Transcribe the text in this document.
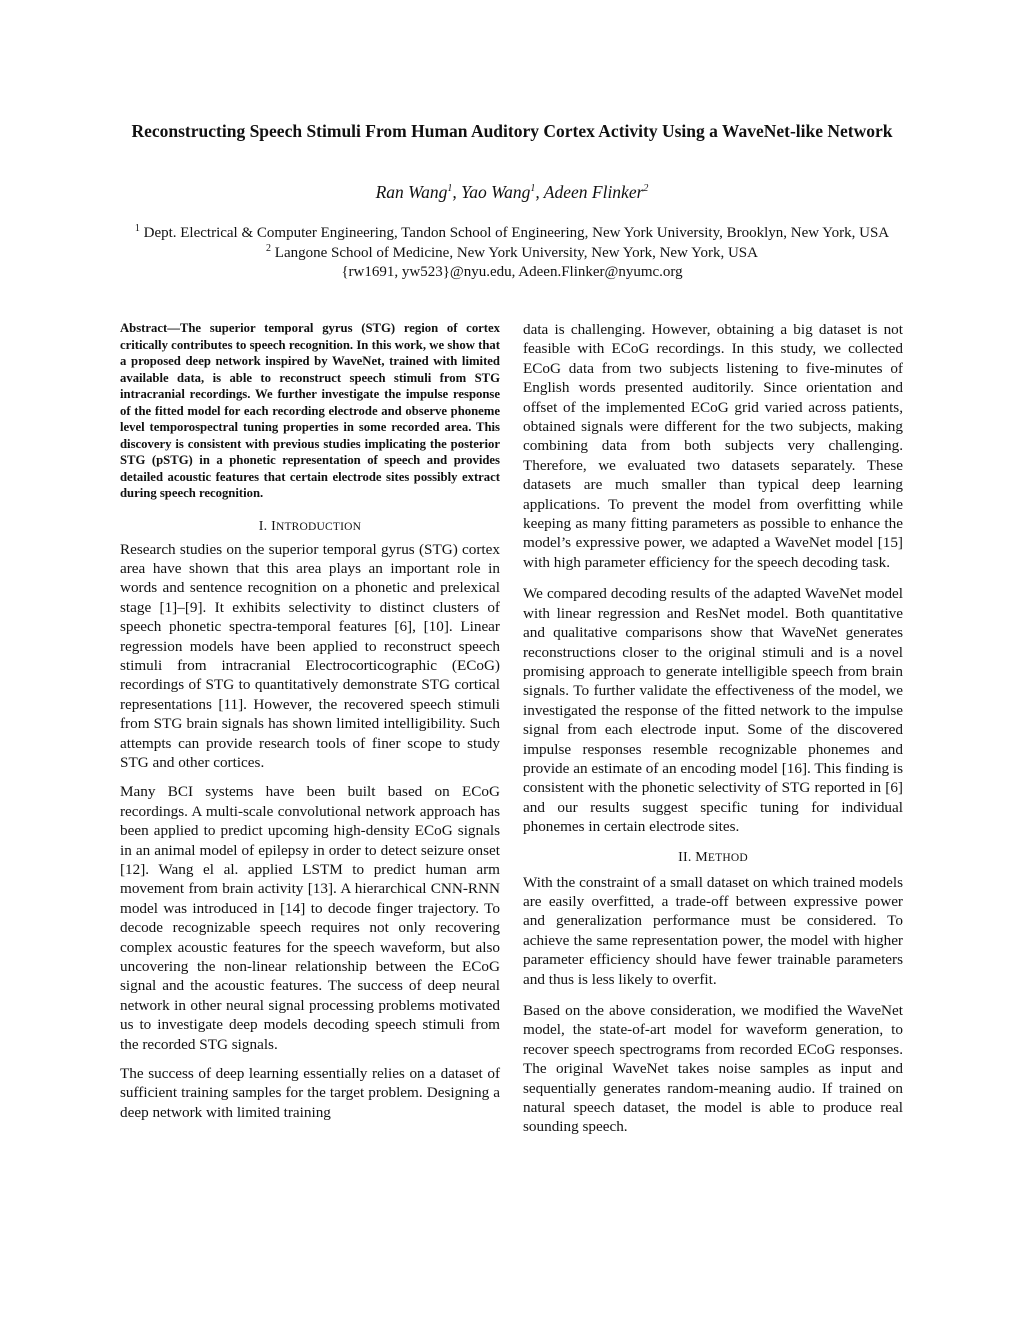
Reconstructing Speech Stimuli From Human Auditory Cortex Activity Using a WaveNet-like Network

Ran Wang$^1$, Yao Wang$^1$, Adeen Flinker$^2$

$^1$ Dept. Electrical & Computer Engineering, Tandon School of Engineering, New York University, Brooklyn, New York, USA

$^2$ Langone School of Medicine, New York University, New York, New York, USA

{rw1691, yw523}@nyu.edu, Adeen.Flinker@nyumc.org

Abstract—The superior temporal gyrus (STG) region of cortex critically contributes to speech recognition. In this work, we show that a proposed deep network inspired by WaveNet, trained with limited available data, is able to reconstruct speech stimuli from STG intracranial recordings. We further investigate the impulse response of the fitted model for each recording electrode and observe phoneme level temporospectral tuning properties in some recorded area. This discovery is consistent with previous studies implicating the posterior STG (pSTG) in a phonetic representation of speech and provides detailed acoustic features that certain electrode sites possibly extract during speech recognition.

I. INTRODUCTION

Research studies on the superior temporal gyrus (STG) cortex area have shown that this area plays an important role in words and sentence recognition on a phonetic and prelexical stage [1]–[9]. It exhibits selectivity to distinct clusters of speech phonetic spectra-temporal features [6], [10]. Linear regression models have been applied to reconstruct speech stimuli from intracranial Electrocorticographic (ECoG) recordings of STG to quantitatively demonstrate STG cortical representations [11]. However, the recovered speech stimuli from STG brain signals has shown limited intelligibility. Such attempts can provide research tools of finer scope to study STG and other cortices.

Many BCI systems have been built based on ECoG recordings. A multi-scale convolutional network approach has been applied to predict upcoming high-density ECoG signals in an animal model of epilepsy in order to detect seizure onset [12]. Wang el al. applied LSTM to predict human arm movement from brain activity [13]. A hierarchical CNN-RNN model was introduced in [14] to decode finger trajectory. To decode recognizable speech requires not only recovering complex acoustic features for the speech waveform, but also uncovering the non-linear relationship between the ECoG signal and the acoustic features. The success of deep neural network in other neural signal processing problems motivated us to investigate deep models decoding speech stimuli from the recorded STG signals.

The success of deep learning essentially relies on a dataset of sufficient training samples for the target problem. Designing a deep network with limited training

data is challenging. However, obtaining a big dataset is not feasible with ECoG recordings. In this study, we collected ECoG data from two subjects listening to five-minutes of English words presented auditorily. Since orientation and offset of the implemented ECoG grid varied across patients, obtained signals were different for the two subjects, making combining data from both subjects very challenging. Therefore, we evaluated two datasets separately. These datasets are much smaller than typical deep learning applications. To prevent the model from overfitting while keeping as many fitting parameters as possible to enhance the model’s expressive power, we adapted a WaveNet model [15] with high parameter efficiency for the speech decoding task.

We compared decoding results of the adapted WaveNet model with linear regression and ResNet model. Both quantitative and qualitative comparisons show that WaveNet generates reconstructions closer to the original stimuli and is a novel promising approach to generate intelligible speech from brain signals. To further validate the effectiveness of the model, we investigated the response of the fitted network to the impulse signal from each electrode input. Some of the discovered impulse responses resemble recognizable phonemes and provide an estimate of an encoding model [16]. This finding is consistent with the phonetic selectivity of STG reported in [6] and our results suggest specific tuning for individual phonemes in certain electrode sites.

II. METHOD

With the constraint of a small dataset on which trained models are easily overfitted, a trade-off between expressive power and generalization performance must be considered. To achieve the same representation power, the model with higher parameter efficiency should have fewer trainable parameters and thus is less likely to overfit.

Based on the above consideration, we modified the WaveNet model, the state-of-art model for waveform generation, to recover speech spectrograms from recorded ECoG responses. The original WaveNet takes noise samples as input and sequentially generates random-meaning audio. If trained on natural speech dataset, the model is able to produce real sounding speech.
